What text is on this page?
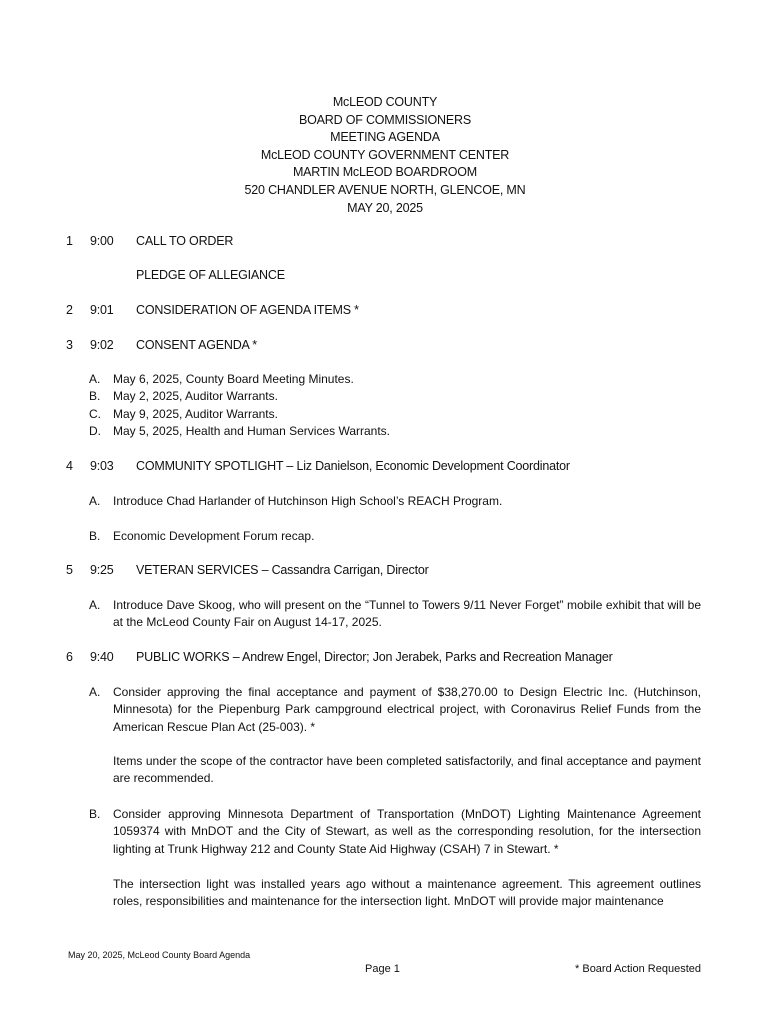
McLEOD COUNTY
BOARD OF COMMISSIONERS
MEETING AGENDA
McLEOD COUNTY GOVERNMENT CENTER
MARTIN McLEOD BOARDROOM
520 CHANDLER AVENUE NORTH, GLENCOE, MN
MAY 20, 2025
1 9:00 CALL TO ORDER
PLEDGE OF ALLEGIANCE
2 9:01 CONSIDERATION OF AGENDA ITEMS *
3 9:02 CONSENT AGENDA *
A. May 6, 2025, County Board Meeting Minutes.
B. May 2, 2025, Auditor Warrants.
C. May 9, 2025, Auditor Warrants.
D. May 5, 2025, Health and Human Services Warrants.
4 9:03 COMMUNITY SPOTLIGHT – Liz Danielson, Economic Development Coordinator
A. Introduce Chad Harlander of Hutchinson High School’s REACH Program.
B. Economic Development Forum recap.
5 9:25 VETERAN SERVICES – Cassandra Carrigan, Director
A. Introduce Dave Skoog, who will present on the “Tunnel to Towers 9/11 Never Forget” mobile exhibit that will be at the McLeod County Fair on August 14-17, 2025.
6 9:40 PUBLIC WORKS – Andrew Engel, Director; Jon Jerabek, Parks and Recreation Manager
A. Consider approving the final acceptance and payment of $38,270.00 to Design Electric Inc. (Hutchinson, Minnesota) for the Piepenburg Park campground electrical project, with Coronavirus Relief Funds from the American Rescue Plan Act (25-003). *
Items under the scope of the contractor have been completed satisfactorily, and final acceptance and payment are recommended.
B. Consider approving Minnesota Department of Transportation (MnDOT) Lighting Maintenance Agreement 1059374 with MnDOT and the City of Stewart, as well as the corresponding resolution, for the intersection lighting at Trunk Highway 212 and County State Aid Highway (CSAH) 7 in Stewart. *
The intersection light was installed years ago without a maintenance agreement. This agreement outlines roles, responsibilities and maintenance for the intersection light. MnDOT will provide major maintenance
May 20, 2025, McLeod County Board Agenda
Page 1	* Board Action Requested
